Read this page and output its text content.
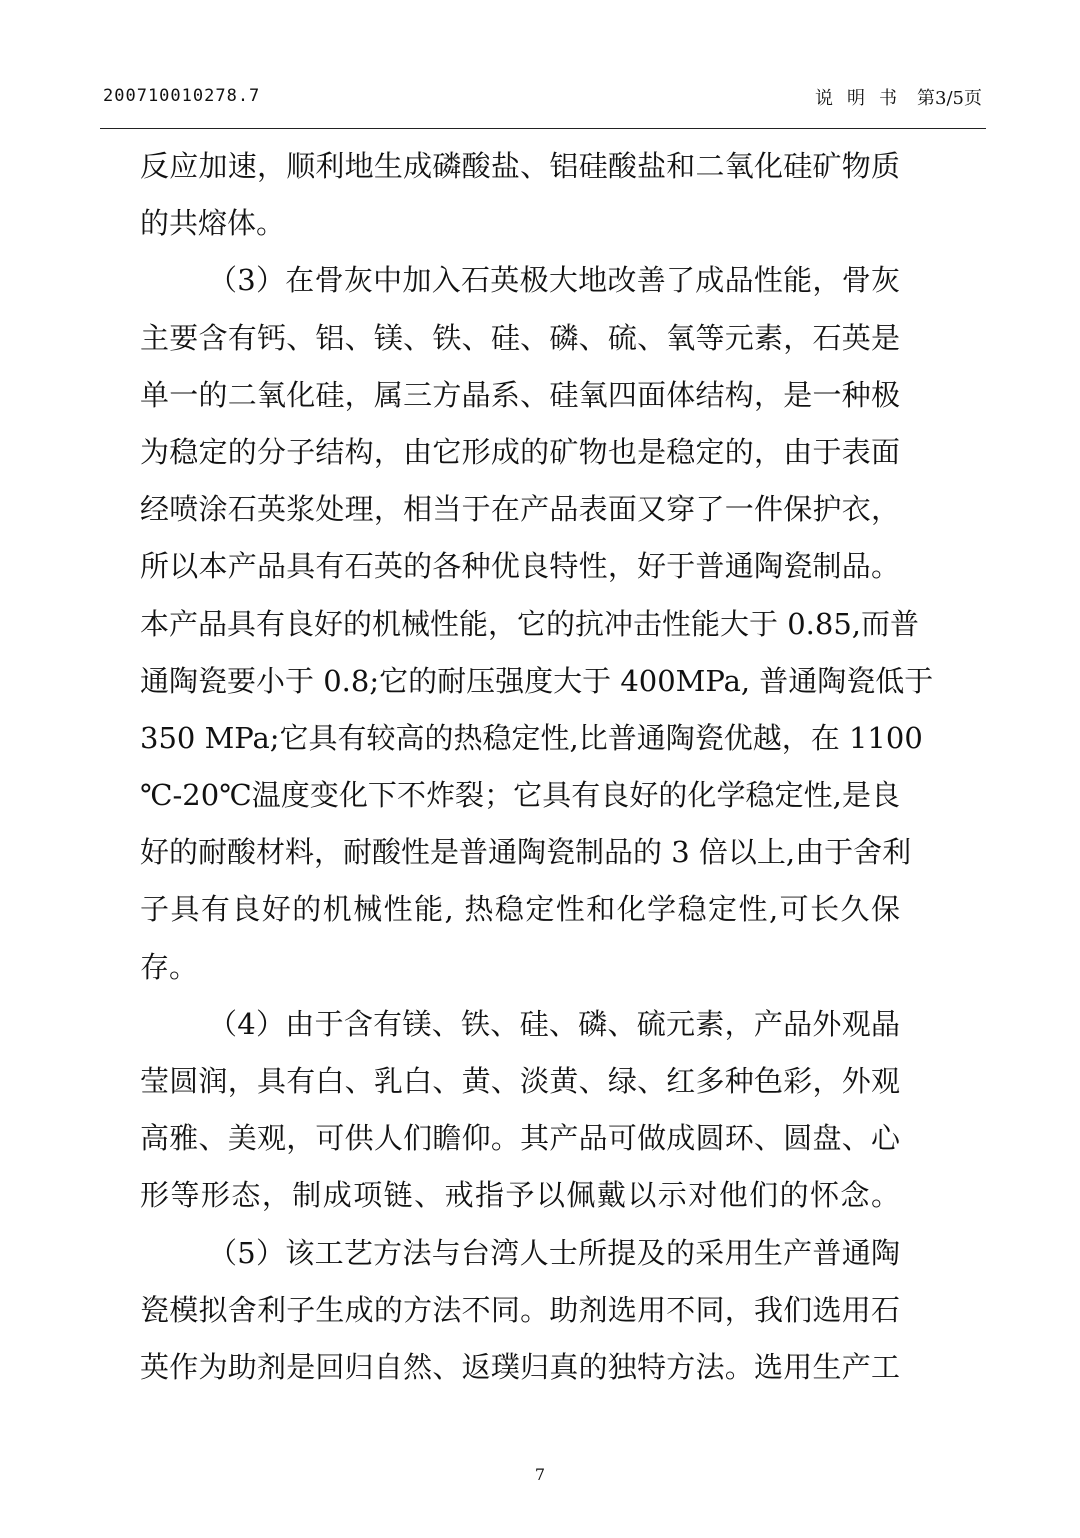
200710010278.7	说明书 第3/5页
反应加速，顺利地生成磷酸盐、铝硅酸盐和二氧化硅矿物质
的共熔体。
（3）在骨灰中加入石英极大地改善了成品性能，骨灰
主要含有钙、铝、镁、铁、硅、磷、硫、氧等元素，石英是
单一的二氧化硅，属三方晶系、硅氧四面体结构，是一种极
为稳定的分子结构，由它形成的矿物也是稳定的，由于表面
经喷涂石英浆处理，相当于在产品表面又穿了一件保护衣，
所以本产品具有石英的各种优良特性，好于普通陶瓷制品。
本产品具有良好的机械性能，它的抗冲击性能大于 0.85,而普
通陶瓷要小于 0.8;它的耐压强度大于 400MPa, 普通陶瓷低于
350 MPa;它具有较高的热稳定性,比普通陶瓷优越，在 1100
℃-20℃温度变化下不炸裂；它具有良好的化学稳定性,是良
好的耐酸材料，耐酸性是普通陶瓷制品的 3 倍以上,由于舍利
子具有良好的机械性能, 热稳定性和化学稳定性,可长久保
存。
（4）由于含有镁、铁、硅、磷、硫元素，产品外观晶
莹圆润，具有白、乳白、黄、淡黄、绿、红多种色彩，外观
高雅、美观，可供人们瞻仰。其产品可做成圆环、圆盘、心
形等形态，制成项链、戒指予以佩戴以示对他们的怀念。
（5）该工艺方法与台湾人士所提及的采用生产普通陶
瓷模拟舍利子生成的方法不同。助剂选用不同，我们选用石
英作为助剂是回归自然、返璞归真的独特方法。选用生产工
7
